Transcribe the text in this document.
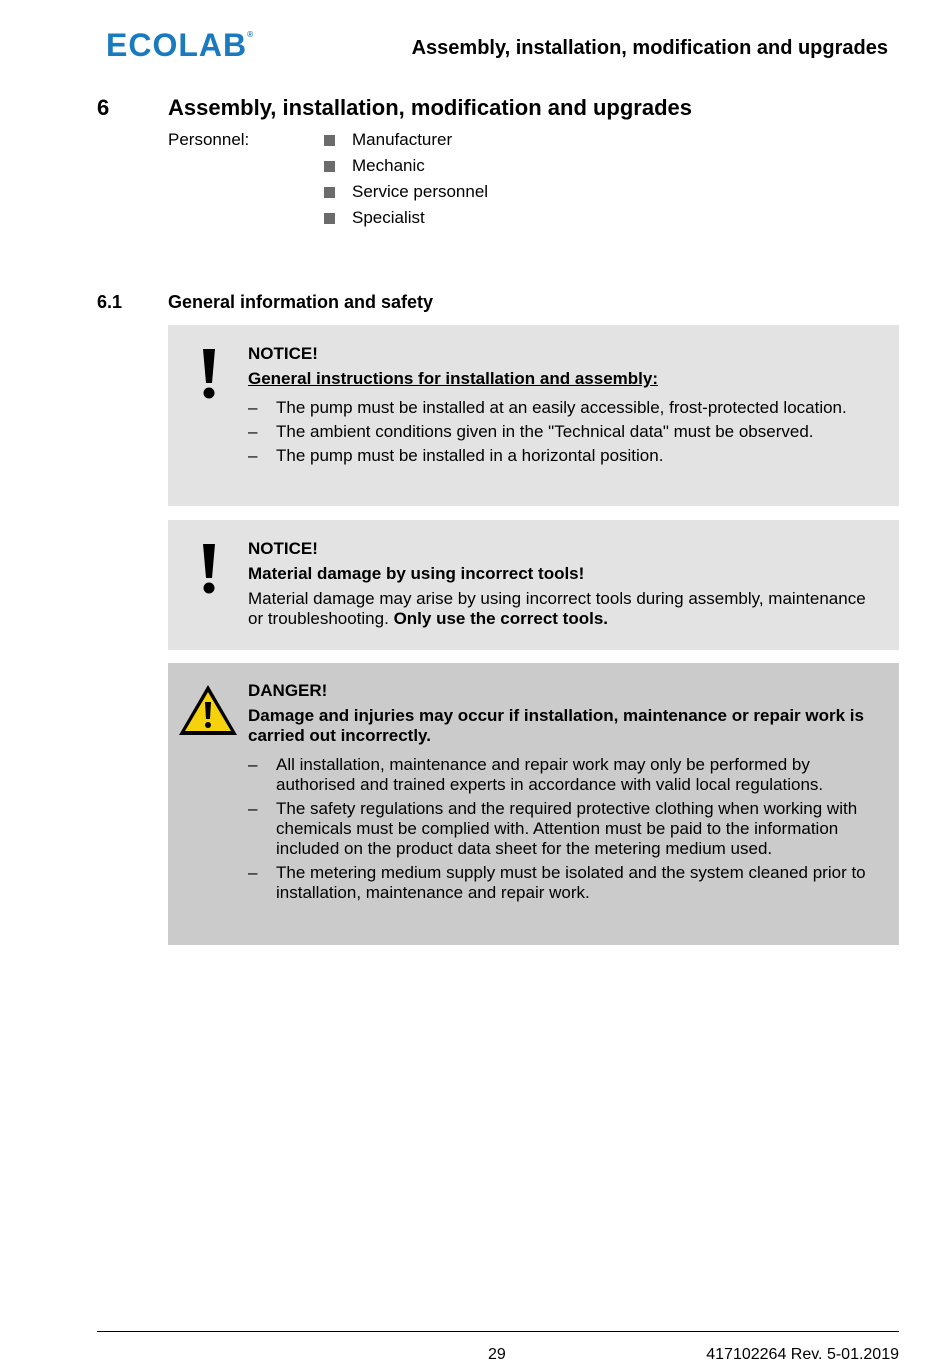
ECOLAB®
Assembly, installation, modification and upgrades
6	Assembly, installation, modification and upgrades
Personnel:	Manufacturer
Mechanic
Service personnel
Specialist
6.1	General information and safety
NOTICE!
General instructions for installation and assembly:
– The pump must be installed at an easily accessible, frost-protected location.
– The ambient conditions given in the "Technical data" must be observed.
– The pump must be installed in a horizontal position.
NOTICE!
Material damage by using incorrect tools!
Material damage may arise by using incorrect tools during assembly, maintenance or troubleshooting. Only use the correct tools.
DANGER!
Damage and injuries may occur if installation, maintenance or repair work is carried out incorrectly.
– All installation, maintenance and repair work may only be performed by authorised and trained experts in accordance with valid local regulations.
– The safety regulations and the required protective clothing when working with chemicals must be complied with. Attention must be paid to the information included on the product data sheet for the metering medium used.
– The metering medium supply must be isolated and the system cleaned prior to installation, maintenance and repair work.
29	417102264 Rev. 5-01.2019
